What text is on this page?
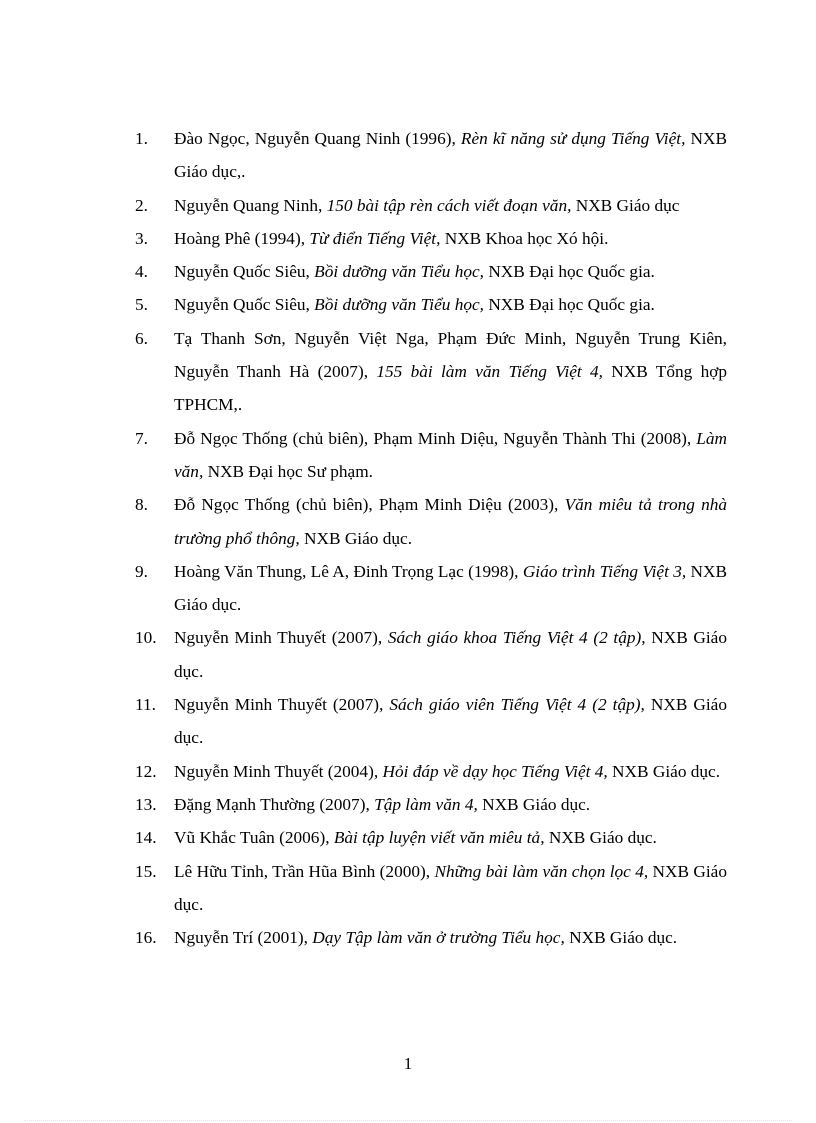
1.	Đào Ngọc, Nguyễn Quang Ninh (1996), Rèn kĩ năng sử dụng Tiếng Việt, NXB Giáo dục,.
2.	Nguyễn Quang Ninh, 150 bài tập rèn cách viết đoạn văn, NXB Giáo dục
3.	Hoàng Phê (1994), Từ điển Tiếng Việt, NXB Khoa học Xó hội.
4.	Nguyễn Quốc Siêu, Bồi dưỡng văn Tiểu học, NXB Đại học Quốc gia.
5.	Nguyễn Quốc Siêu, Bồi dưỡng văn Tiểu học, NXB Đại học Quốc gia.
6.	Tạ Thanh Sơn, Nguyễn Việt Nga, Phạm Đức Minh, Nguyễn Trung Kiên, Nguyễn Thanh Hà (2007), 155 bài làm văn Tiếng Việt 4, NXB Tổng hợp TPHCM,.
7.	Đỗ Ngọc Thống (chủ biên), Phạm Minh Diệu, Nguyễn Thành Thi (2008), Làm văn, NXB Đại học Sư phạm.
8.	Đỗ Ngọc Thống (chủ biên), Phạm Minh Diệu (2003), Văn miêu tả trong nhà trường phổ thông, NXB Giáo dục.
9.	Hoàng Văn Thung, Lê A, Đinh Trọng Lạc (1998), Giáo trình Tiếng Việt 3, NXB Giáo dục.
10.	Nguyễn Minh Thuyết (2007), Sách giáo khoa Tiếng Việt 4 (2 tập), NXB Giáo dục.
11.	Nguyễn Minh Thuyết (2007), Sách giáo viên Tiếng Việt 4 (2 tập), NXB Giáo dục.
12.	Nguyễn Minh Thuyết (2004), Hỏi đáp về dạy học Tiếng Việt 4, NXB Giáo dục.
13.	Đặng Mạnh Thường (2007), Tập làm văn 4, NXB Giáo dục.
14.	Vũ Khắc Tuân (2006), Bài tập luyện viết văn miêu tả, NXB Giáo dục.
15.	Lê Hữu Tỉnh, Trần Hũa Bình (2000), Những bài làm văn chọn lọc 4, NXB Giáo dục.
16.	Nguyễn Trí (2001), Dạy Tập làm văn ở trường Tiểu học, NXB Giáo dục.
1
